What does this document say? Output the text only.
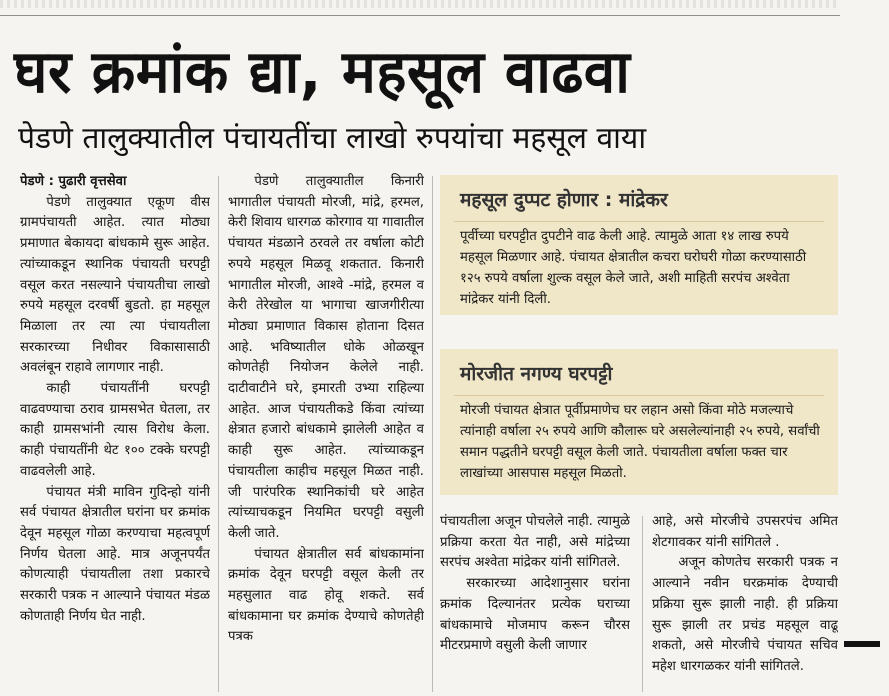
घर क्रमांक द्या, महसूल वाढवा
पेडणे तालुक्यातील पंचायतींचा लाखो रुपयांचा महसूल वाया

पेडणे : पुढारी वृत्तसेवा

पेडणे तालुक्यात एकूण वीस ग्रामपंचायती आहेत. त्यात मोठ्या प्रमाणात बेकायदा बांधकामे सुरू आहेत. त्यांच्याकडून स्थानिक पंचायती घरपट्टी वसूल करत नसल्याने पंचायतीचा लाखो रुपये महसूल दरवर्षी बुडतो. हा महसूल मिळाला तर त्या त्या पंचायतीला सरकारच्या निधीवर विकासासाठी अवलंबून राहावे लागणार नाही.

काही पंचायतींनी घरपट्टी वाढवण्याचा ठराव ग्रामसभेत घेतला, तर काही ग्रामसभांनी त्यास विरोध केला. काही पंचायतींनी थेट १०० टक्के घरपट्टी वाढवलेली आहे.

पंचायत मंत्री माविन गुदिन्हो यांनी सर्व पंचायत क्षेत्रातील घरांना घर क्रमांक देवून महसूल गोळा करण्याचा महत्वपूर्ण निर्णय घेतला आहे. मात्र अजूनपर्यंत कोणत्याही पंचायतीला तशा प्रकारचे सरकारी पत्रक न आल्याने पंचायत मंडळ कोणताही निर्णय घेत नाही.

पेडणे तालुक्यातील किनारी भागातील पंचायती मोरजी, मांद्रे, हरमल, केरी शिवाय धारगळ कोरगाव या गावातील पंचायत मंडळाने ठरवले तर वर्षाला कोटी रुपये महसूल मिळवू शकतात. किनारी भागातील मोरजी, आश्वे -मांद्रे, हरमल व केरी तेरेखोल या भागाचा खाजगीरीत्या मोठ्या प्रमाणात विकास होताना दिसत आहे. भविष्यातील धोके ओळखून कोणतेही नियोजन केलेले नाही. दाटीवाटीने घरे, इमारती उभ्या राहिल्या आहेत. आज पंचायतीकडे किंवा त्यांच्या क्षेत्रात हजारो बांधकामे झालेली आहेत व काही सुरू आहेत. त्यांच्याकडून पंचायतीला काहीच महसूल मिळत नाही. जी पारंपरिक स्थानिकांची घरे आहेत त्यांच्याचकडून नियमित घरपट्टी वसुली केली जाते.

पंचायत क्षेत्रातील सर्व बांधकामांना क्रमांक देवून घरपट्टी वसूल केली तर महसुलात वाढ होवू शकते. सर्व बांधकामाना घर क्रमांक देण्याचे कोणतेही पत्रक

महसूल दुप्पट होणार : मांद्रेकर
पूर्वीच्या घरपट्टीत दुपटीने वाढ केली आहे. त्यामुळे आता १४ लाख रुपये महसूल मिळणार आहे. पंचायत क्षेत्रातील कचरा घरोघरी गोळा करण्यासाठी १२५ रुपये वर्षाला शुल्क वसूल केले जाते, अशी माहिती सरपंच अश्वेता मांद्रेकर यांनी दिली.
मोरजीत नगण्य घरपट्टी
मोरजी पंचायत क्षेत्रात पूर्वीप्रमाणेच घर लहान असो किंवा मोठे मजल्याचे त्यांनाही वर्षाला २५ रुपये आणि कौलारू घरे असलेल्यांनाही २५ रुपये, सर्वांची समान पद्धतीने घरपट्टी वसूल केली जाते. पंचायतीला वर्षाला फक्त चार लाखांच्या आसपास महसूल मिळतो.

पंचायतीला अजून पोचलेले नाही. त्यामुळे प्रक्रिया करता येत नाही, असे मांद्रेच्या सरपंच अश्वेता मांद्रेकर यांनी सांगितले.

सरकारच्या आदेशानुसार घरांना क्रमांक दिल्यानंतर प्रत्येक घराच्या बांधकामाचे मोजमाप करून चौरस मीटरप्रमाणे वसुली केली जाणार

आहे, असे मोरजीचे उपसरपंच अमित शेटगावकर यांनी सांगितले .

अजून कोणतेच सरकारी पत्रक न आल्याने नवीन घरक्रमांक देण्याची प्रक्रिया सुरू झाली नाही. ही प्रक्रिया सुरू झाली तर प्रचंड महसूल वाढू शकतो, असे मोरजीचे पंचायत सचिव महेश धारगळकर यांनी सांगितले.
